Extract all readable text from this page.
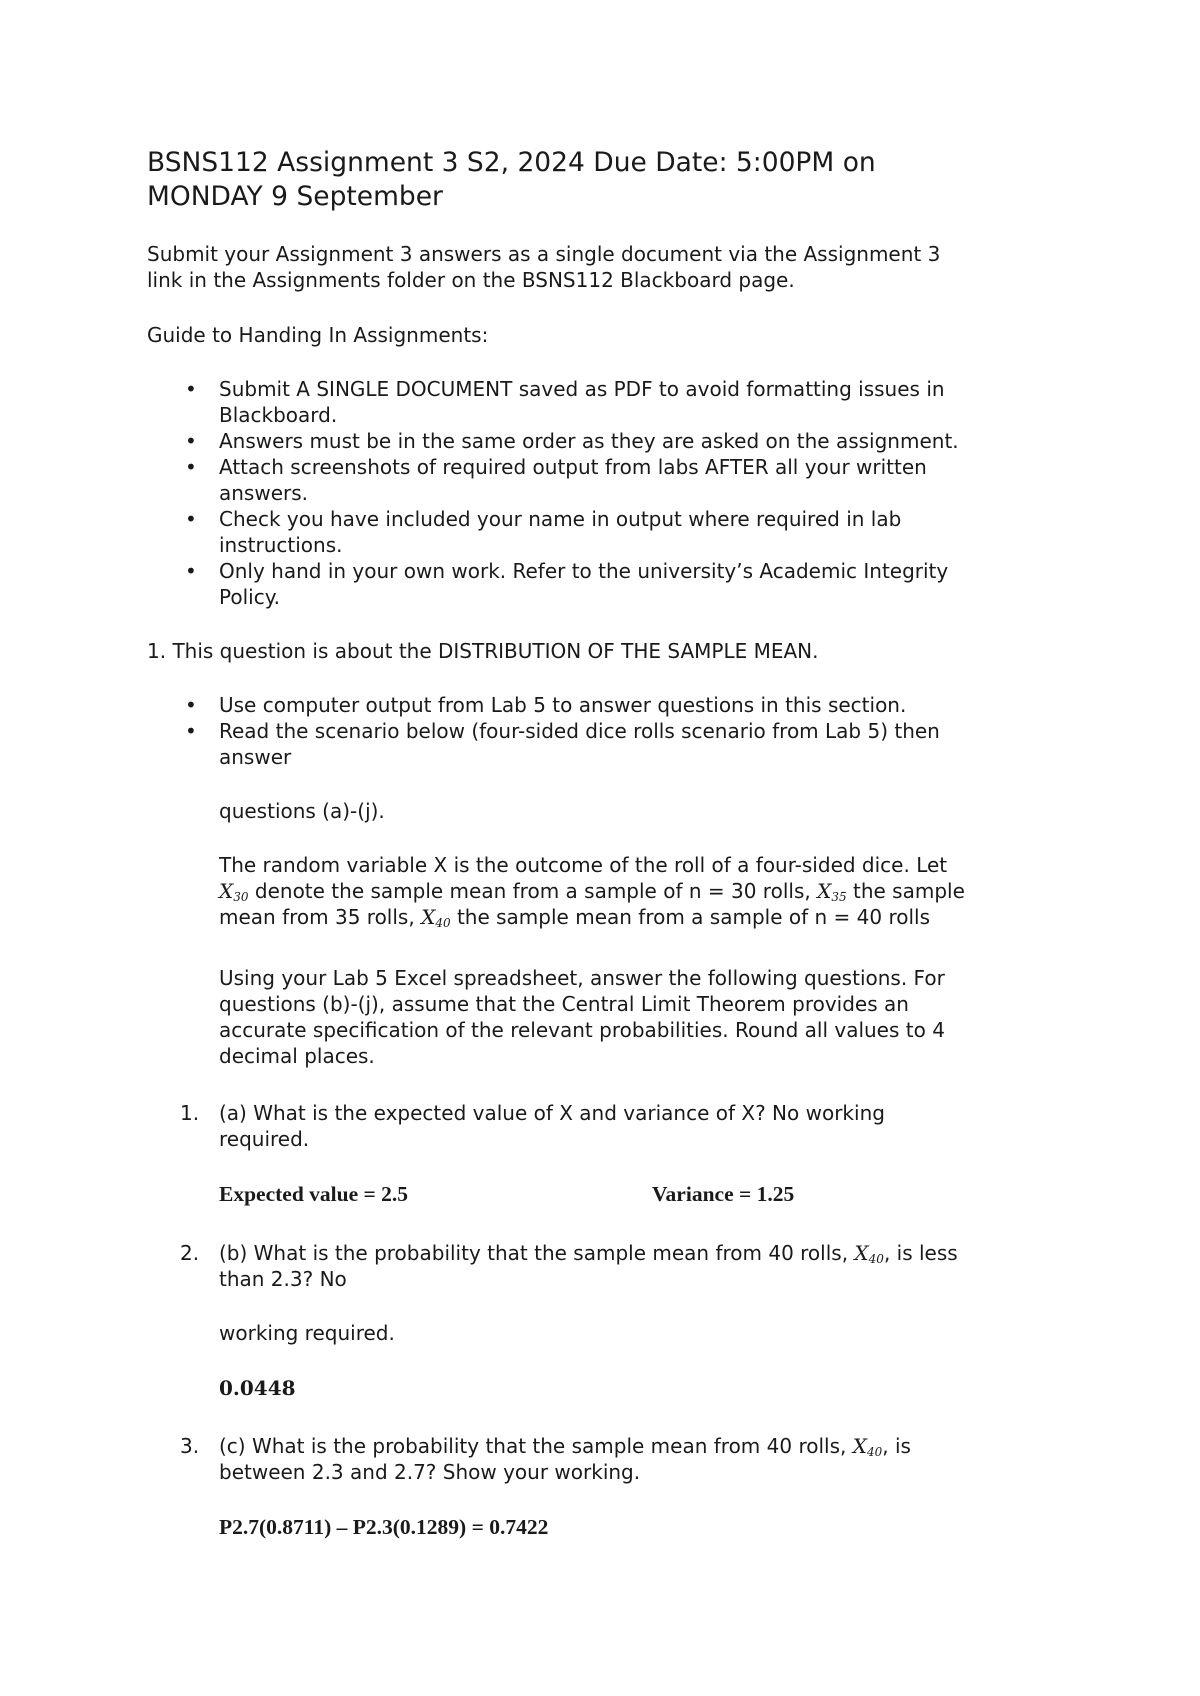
BSNS112 Assignment 3 S2, 2024 Due Date: 5:00PM on
MONDAY 9 September
Submit your Assignment 3 answers as a single document via the Assignment 3
link in the Assignments folder on the BSNS112 Blackboard page.
Guide to Handing In Assignments:
• Submit A SINGLE DOCUMENT saved as PDF to avoid formatting issues in
Blackboard.
• Answers must be in the same order as they are asked on the assignment.
• Attach screenshots of required output from labs AFTER all your written
answers.
• Check you have included your name in output where required in lab
instructions.
• Only hand in your own work. Refer to the university’s Academic Integrity
Policy.
1. This question is about the DISTRIBUTION OF THE SAMPLE MEAN.
• Use computer output from Lab 5 to answer questions in this section.
• Read the scenario below (four-sided dice rolls scenario from Lab 5) then
answer
questions (a)-(j).
The random variable X is the outcome of the roll of a four-sided dice. Let
$X_{30}$ denote the sample mean from a sample of n = 30 rolls, $X_{35}$ the sample
mean from 35 rolls, $X_{40}$ the sample mean from a sample of n = 40 rolls
Using your Lab 5 Excel spreadsheet, answer the following questions. For
questions (b)-(j), assume that the Central Limit Theorem provides an
accurate specification of the relevant probabilities. Round all values to 4
decimal places.
1. (a) What is the expected value of X and variance of X? No working
required.
Expected value = 2.5	Variance = 1.25
2. (b) What is the probability that the sample mean from 40 rolls, $X_{40}$, is less
than 2.3? No
working required.
0.0448
3. (c) What is the probability that the sample mean from 40 rolls, $X_{40}$, is
between 2.3 and 2.7? Show your working.
P2.7(0.8711) – P2.3(0.1289) = 0.7422
